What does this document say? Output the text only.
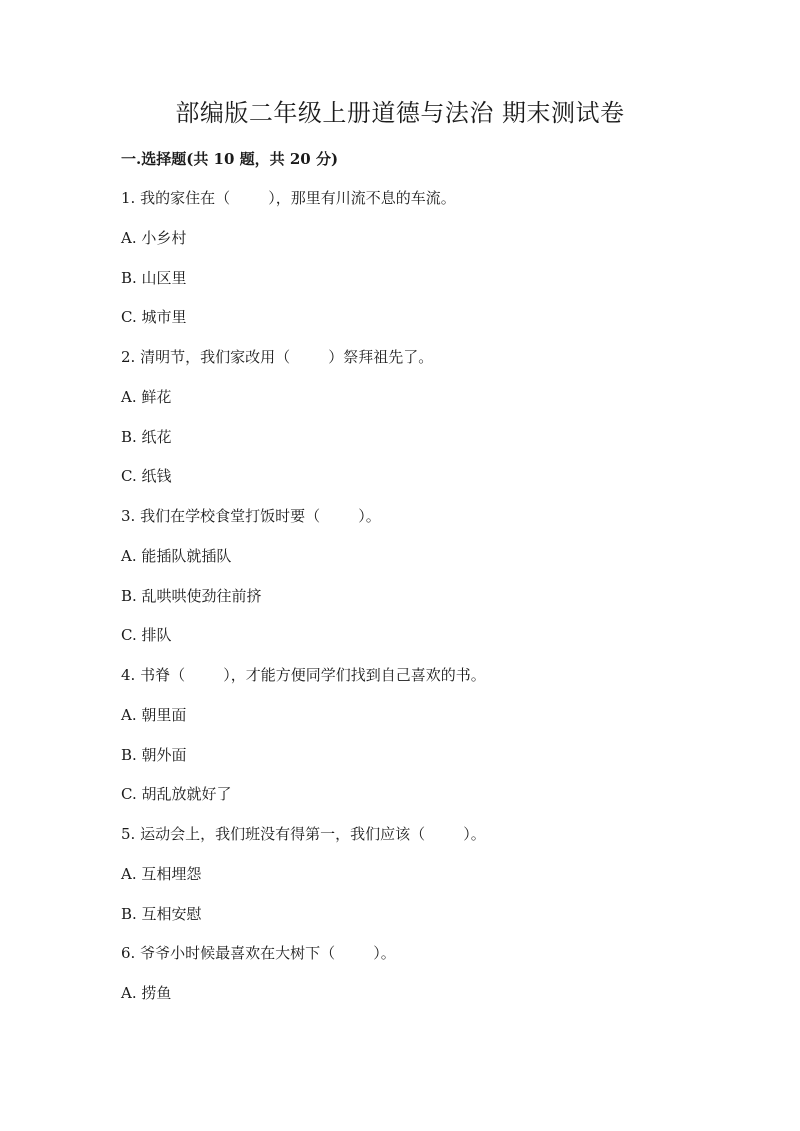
部编版二年级上册道德与法治 期末测试卷
一.选择题(共 10 题，共 20 分)
1. 我的家住在（        ），那里有川流不息的车流。
A. 小乡村
B. 山区里
C. 城市里
2. 清明节，我们家改用（        ）祭拜祖先了。
A. 鲜花
B. 纸花
C. 纸钱
3. 我们在学校食堂打饭时要（        ）。
A. 能插队就插队
B. 乱哄哄使劲往前挤
C. 排队
4. 书脊（        ），才能方便同学们找到自己喜欢的书。
A. 朝里面
B. 朝外面
C. 胡乱放就好了
5. 运动会上，我们班没有得第一，我们应该（        ）。
A. 互相埋怨
B. 互相安慰
6. 爷爷小时候最喜欢在大树下（        ）。
A. 捞鱼
